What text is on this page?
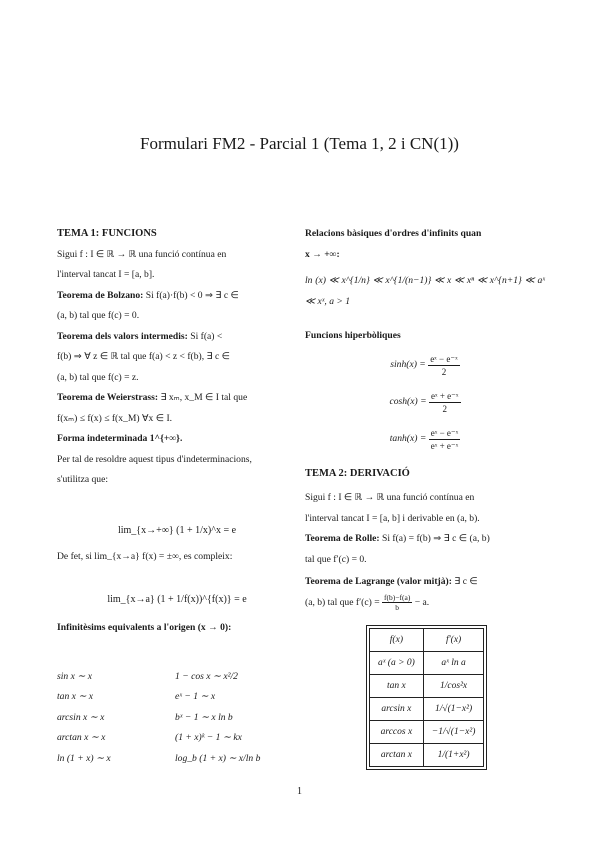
Formulari FM2 - Parcial 1 (Tema 1, 2 i CN(1))
TEMA 1: FUNCIONS

Sigui f : I ∈ ℝ → ℝ una funció contínua en

l'interval tancat I = [a, b].

Teorema de Bolzano: Si f(a)·f(b) < 0 ⇒ ∃ c ∈

(a, b) tal que f(c) = 0.

Teorema dels valors intermedis: Si f(a) <

f(b) ⇒ ∀ z ∈ ℝ tal que f(a) < z < f(b), ∃ c ∈

(a, b) tal que f(c) = z.

Teorema de Weierstrass: ∃ xₘ, x_M ∈ I tal que

f(xₘ) ≤ f(x) ≤ f(x_M) ∀x ∈ I.

Forma indeterminada 1^{+∞}.

Per tal de resoldre aquest tipus d'indeterminacions,

s'utilitza que:

lim_{x→+∞} (1 + 1/x)^x = e

De fet, si lim_{x→a} f(x) = ±∞, es compleix:

lim_{x→a} (1 + 1/f(x))^{f(x)} = e

Infinitèsims equivalents a l'origen (x → 0):

sin x ∼ x	1 − cos x ∼ x²/2
tan x ∼ x	eˣ − 1 ∼ x
arcsin x ∼ x	bˣ − 1 ∼ x ln b
arctan x ∼ x	(1 + x)ᵏ − 1 ∼ kx
ln (1 + x) ∼ x	log_b (1 + x) ∼ x/ln b

Relacions bàsiques d'ordres d'infinits quan

x → +∞:

ln (x) ≪ x^{1/n} ≪ x^{1/(n−1)} ≪ x ≪ xⁿ ≪ x^{n+1} ≪ aˣ ≪ xˣ, a > 1

Funcions hiperbòliques

sinh(x) =
$\frac{\text{eˣ − e⁻ˣ}}{2}$
cosh(x) =
$\frac{\text{eˣ + e⁻ˣ}}{2}$
tanh(x) =
$\frac{\text{eˣ − e⁻ˣ}}{\text{eˣ + e⁻ˣ}}$
TEMA 2: DERIVACIÓ

Sigui f : I ∈ ℝ → ℝ una funció contínua en

l'interval tancat I = [a, b] i derivable en (a, b).

Teorema de Rolle: Si f(a) = f(b) ⇒ ∃ c ∈ (a, b)

tal que f′(c) = 0.

Teorema de Lagrange (valor mitjà): ∃ c ∈

(a, b) tal que $f'(c) = \frac{f(b)-f(a)}{b} - a$.

f(x)	f′(x)
aˣ (a > 0)	aˣ ln a
tan x	1/cos²x
arcsin x	1/√(1−x²)
arccos x	−1/√(1−x²)
arctan x	1/(1+x²)
1
